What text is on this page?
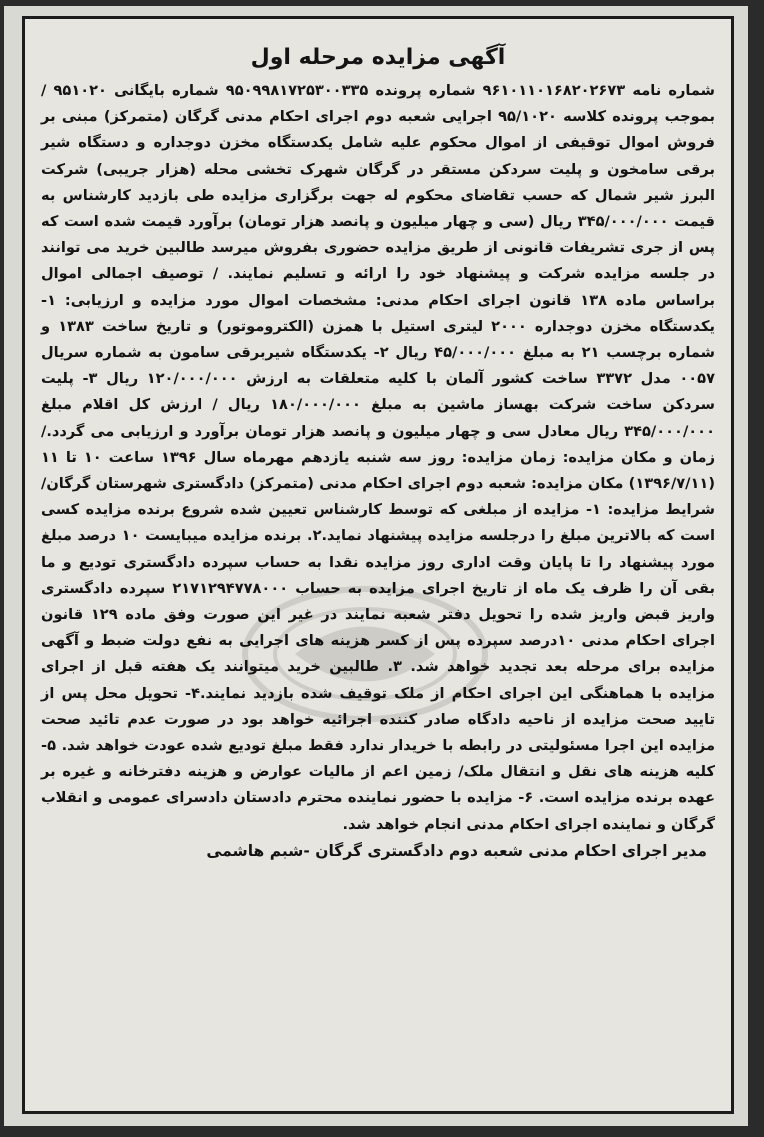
آگهی مزایده مرحله اول

شماره نامه ۹۶۱۰۱۱۰۱۶۸۲۰۲۶۷۳ شماره پرونده ۹۵۰۹۹۸۱۷۲۵۳۰۰۳۳۵ شماره بایگانی ۹۵۱۰۲۰ / بموجب پرونده کلاسه ۹۵/۱۰۲۰ اجرایی شعبه دوم اجرای احکام مدنی گرگان (متمرکز) مبنی بر فروش اموال توقیفی از اموال محکوم علیه شامل یکدستگاه مخزن دوجداره و دستگاه شیر برقی سامخون و پلیت سردکن مستقر در گرگان شهرک تخشی محله (هزار جریبی) شرکت البرز شیر شمال که حسب تقاضای محکوم له جهت برگزاری مزایده طی بازدید کارشناس به قیمت ۳۴۵/۰۰۰/۰۰۰ ریال (سی و چهار میلیون و پانصد هزار تومان) برآورد قیمت شده است که پس از جری تشریفات قانونی از طریق مزایده حضوری بفروش میرسد طالبین خرید می توانند در جلسه مزایده شرکت و پیشنهاد خود را ارائه و تسلیم نمایند. / توصیف اجمالی اموال براساس ماده ۱۳۸ قانون اجرای احکام مدنی: مشخصات اموال مورد مزایده و ارزیابی: ۱- یکدستگاه مخزن دوجداره ۲۰۰۰ لیتری استیل با همزن (الکتروموتور) و تاریخ ساخت ۱۳۸۳ و شماره برچسب ۲۱ به مبلغ ۴۵/۰۰۰/۰۰۰ ریال ۲- یکدستگاه شیربرقی سامون به شماره سریال ۰۰۵۷ مدل ۳۳۷۲ ساخت کشور آلمان با کلیه متعلقات به ارزش ۱۲۰/۰۰۰/۰۰۰ ریال ۳- پلیت سردکن ساخت شرکت بهساز ماشین به مبلغ ۱۸۰/۰۰۰/۰۰۰ ریال / ارزش کل اقلام مبلغ ۳۴۵/۰۰۰/۰۰۰ ریال معادل سی و چهار میلیون و پانصد هزار تومان برآورد و ارزیابی می گردد./ زمان و مکان مزایده: زمان مزایده: روز سه شنبه یازدهم مهرماه سال ۱۳۹۶ ساعت ۱۰ تا ۱۱ (۱۳۹۶/۷/۱۱) مکان مزایده: شعبه دوم اجرای احکام مدنی (متمرکز) دادگستری شهرستان گرگان/ شرایط مزایده: ۱- مزایده از مبلغی که توسط کارشناس تعیین شده شروع برنده مزایده کسی است که بالاترین مبلغ را درجلسه مزایده پیشنهاد نماید.۲. برنده مزایده میبایست ۱۰ درصد مبلغ مورد پیشنهاد را تا پایان وقت اداری روز مزایده نقدا به حساب سپرده دادگستری تودیع و ما بقی آن را ظرف یک ماه از تاریخ اجرای مزایده به حساب ۲۱۷۱۲۹۴۷۷۸۰۰۰ سپرده دادگستری واریز قبض واریز شده را تحویل دفتر شعبه نمایند در غیر این صورت وفق ماده ۱۲۹ قانون اجرای احکام مدنی ۱۰درصد سپرده پس از کسر هزینه های اجرایی به نفع دولت ضبط و آگهی مزایده برای مرحله بعد تجدید خواهد شد. ۳. طالبین خرید میتوانند یک هفته قبل از اجرای مزایده با هماهنگی این اجرای احکام از ملک توقیف شده بازدید نمایند.۴- تحویل محل پس از تایید صحت مزایده از ناحیه دادگاه صادر کننده اجرائیه خواهد بود در صورت عدم تائید صحت مزایده این اجرا مسئولیتی در رابطه با خریدار ندارد فقط مبلغ تودیع شده عودت خواهد شد. ۵- کلیه هزینه های نقل و انتقال ملک/ زمین اعم از مالیات عوارض و هزینه دفترخانه و غیره بر عهده برنده مزایده است. ۶- مزایده با حضور نماینده محترم دادستان دادسرای عمومی و انقلاب گرگان و نماینده اجرای احکام مدنی انجام خواهد شد.

مدیر اجرای احکام مدنی شعبه دوم دادگستری گرگان -شبم هاشمی
